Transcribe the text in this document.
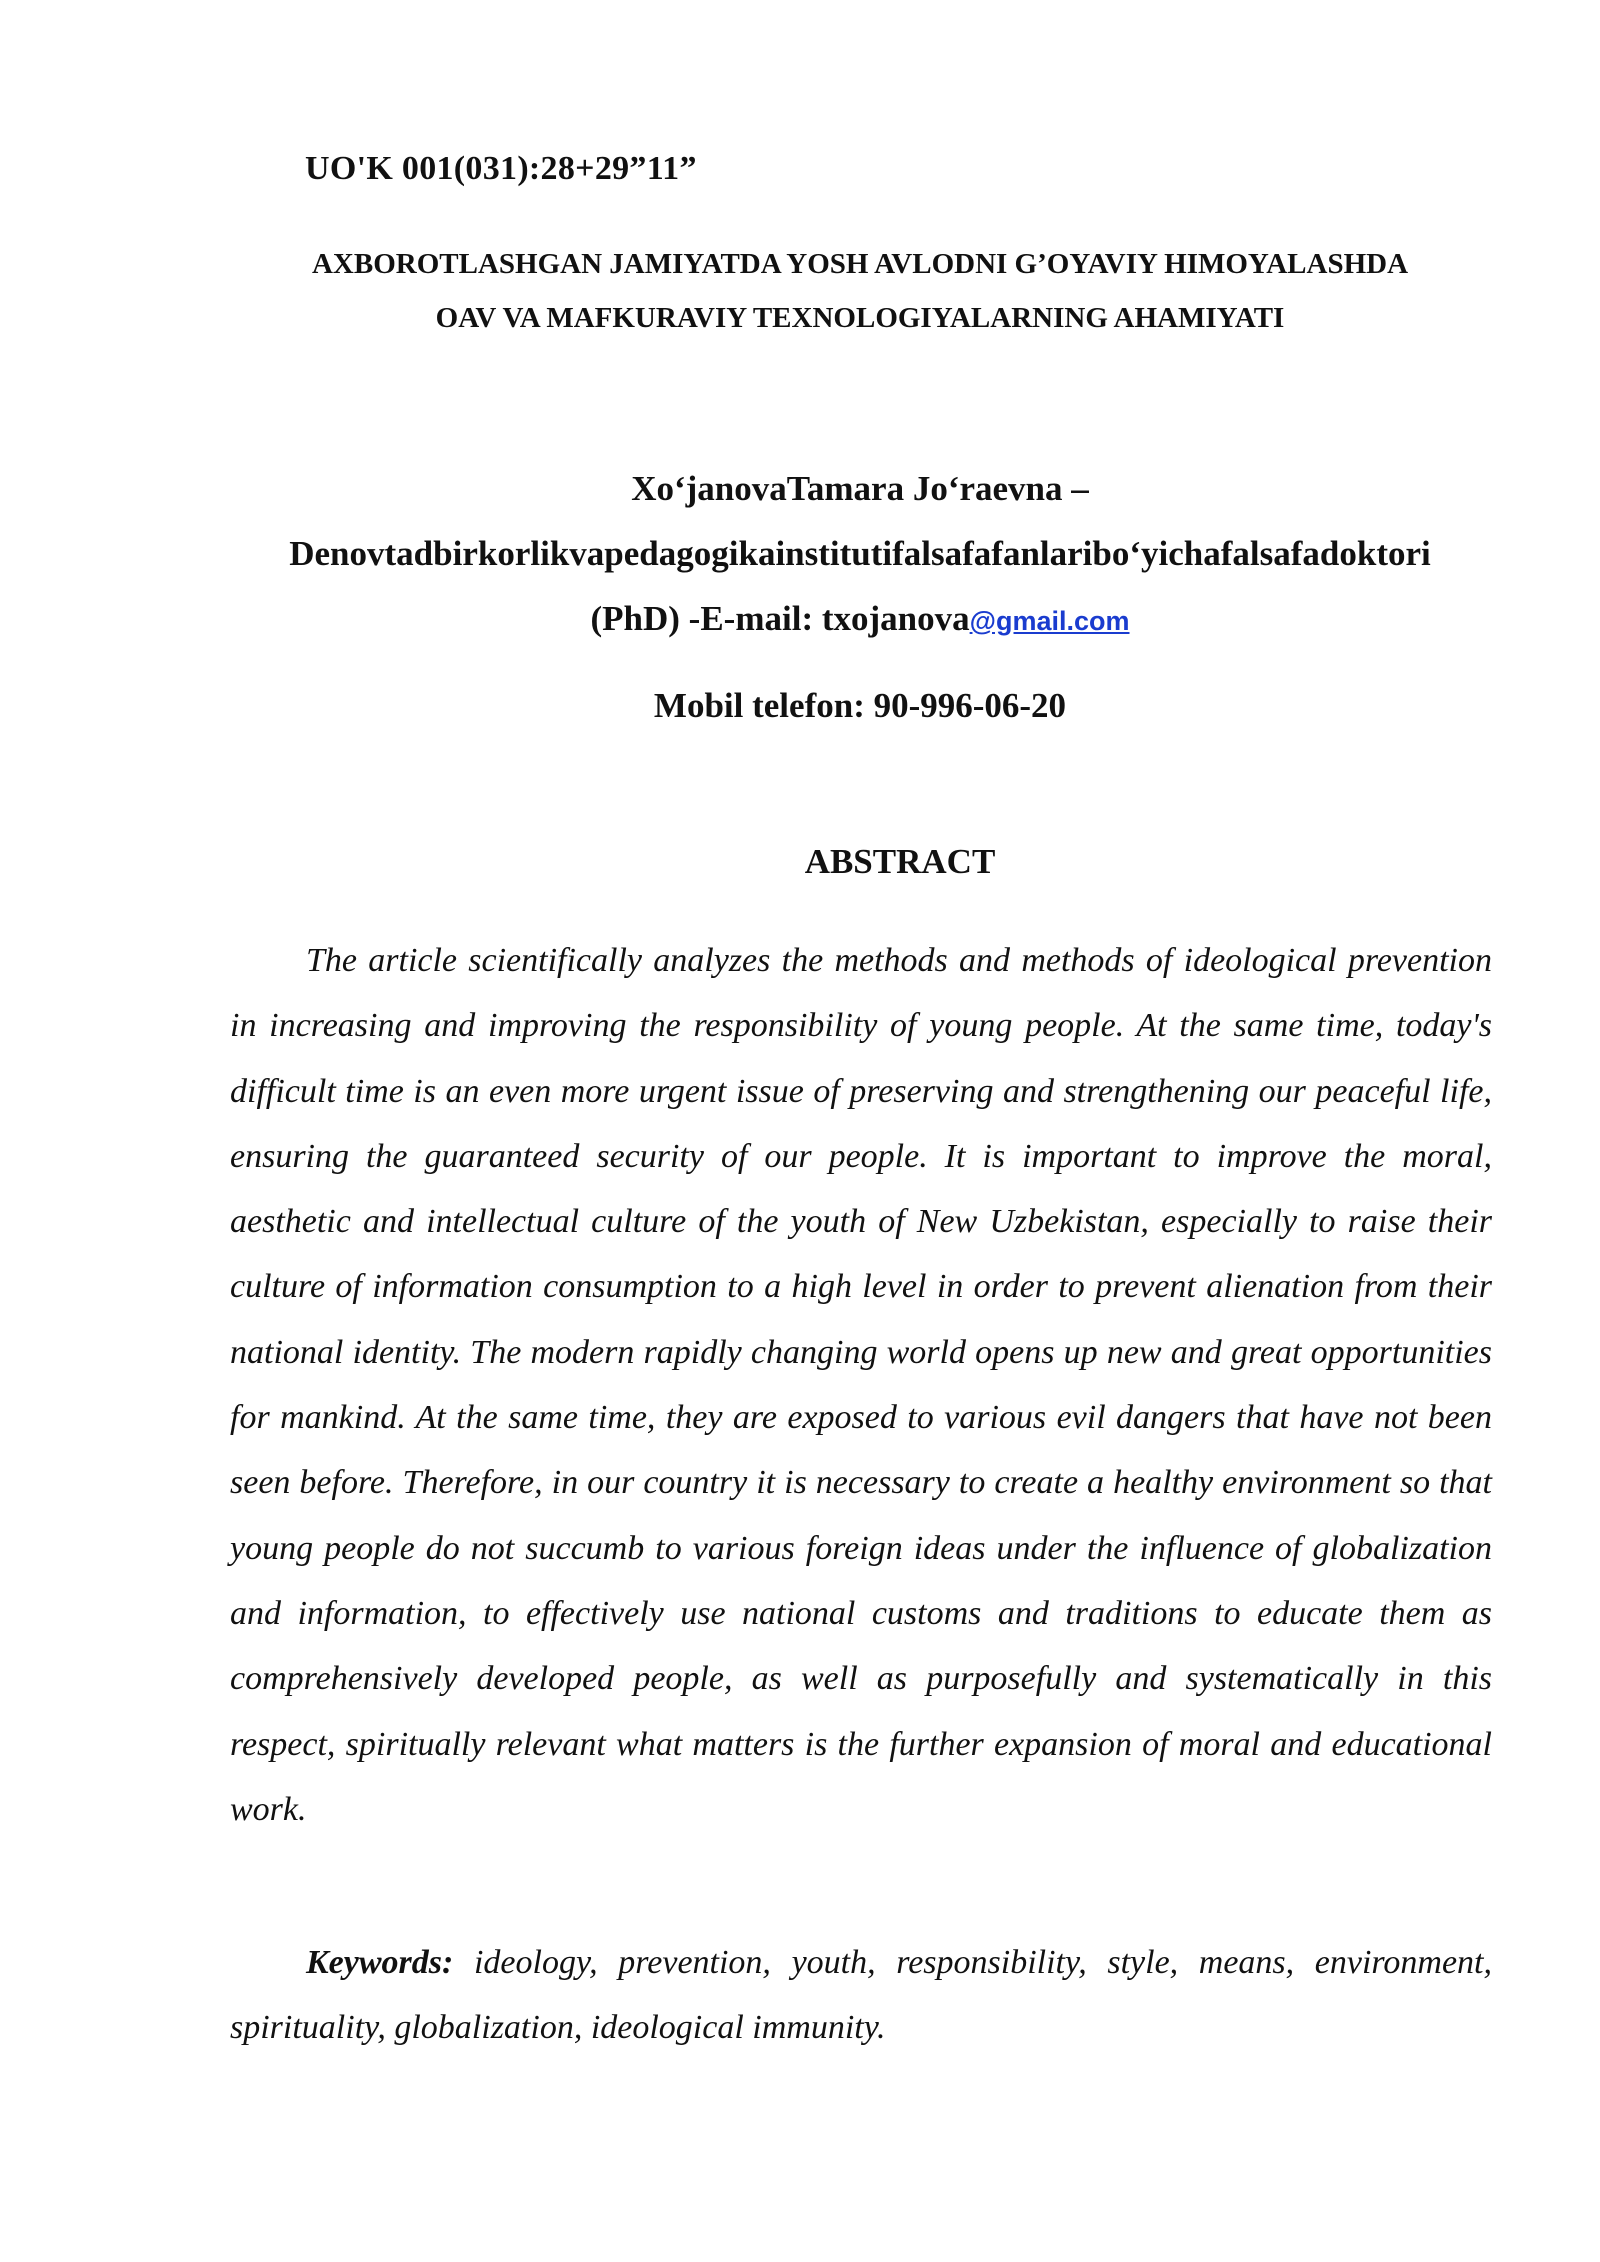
UO'K 001(031):28+29”11”
AXBOROTLASHGAN JAMIYATDA YOSH AVLODNI G’OYAVIY HIMOYALASHDA
OAV VA MAFKURAVIY TEXNOLOGIYALARNING AHAMIYATI
Xo‘janovaTamara Jo‘raevna –
Denovtadbirkorlikvapedagogikainstitutifalsafafanlaribo‘yichafalsafadoktori
(PhD) -E-mail: txojanova@gmail.com
Mobil telefon: 90-996-06-20
ABSTRACT

The article scientifically analyzes the methods and methods of ideological prevention in increasing and improving the responsibility of young people. At the same time, today's difficult time is an even more urgent issue of preserving and strengthening our peaceful life, ensuring the guaranteed security of our people. It is important to improve the moral, aesthetic and intellectual culture of the youth of New Uzbekistan, especially to raise their culture of information consumption to a high level in order to prevent alienation from their national identity. The modern rapidly changing world opens up new and great opportunities for mankind. At the same time, they are exposed to various evil dangers that have not been seen before. Therefore, in our country it is necessary to create a healthy environment so that young people do not succumb to various foreign ideas under the influence of globalization and information, to effectively use national customs and traditions to educate them as comprehensively developed people, as well as purposefully and systematically in this respect, spiritually relevant what matters is the further expansion of moral and educational work.

Keywords: ideology, prevention, youth, responsibility, style, means, environment, spirituality, globalization, ideological immunity.
